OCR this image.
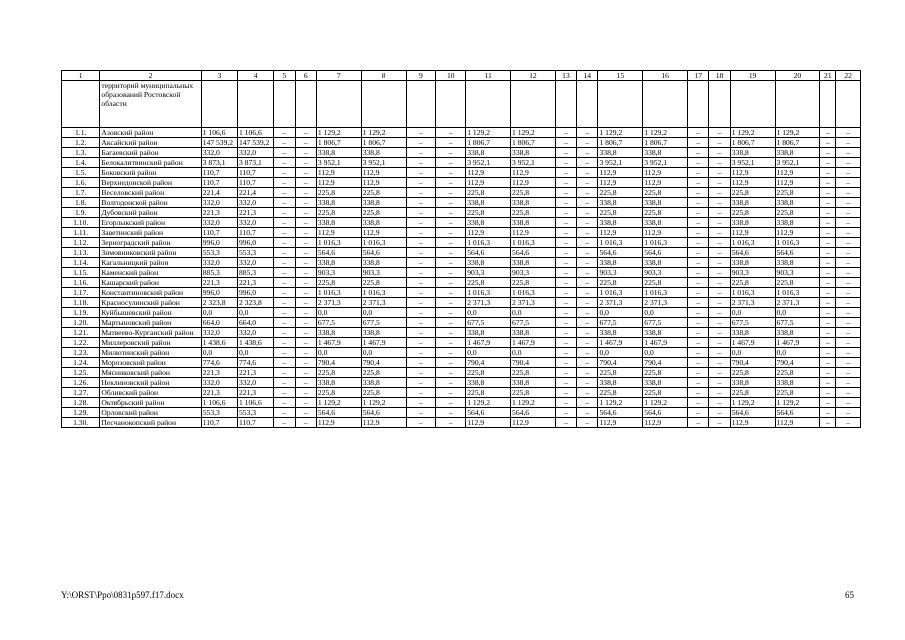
1	2	3	4	5	6	7	8	9	10	11	12	13	14	15	16	17	18	19	20	21	22
	территорий муниципальных образований Ростовской области																				
1.1.	Азовский район	1 106,6	1 106,6	–	–	1 129,2	1 129,2	–	–	1 129,2	1 129,2	–	–	1 129,2	1 129,2	–	–	1 129,2	1 129,2	–	–
1.2.	Аксайский район	147 539,2	147 539,2	–	–	1 806,7	1 806,7	–	–	1 806,7	1 806,7	–	–	1 806,7	1 806,7	–	–	1 806,7	1 806,7	–	–
1.3.	Багаевский район	332,0	332,0	–	–	338,8	338,8	–	–	338,8	338,8	–	–	338,8	338,8	–	–	338,8	338,8	–	–
1.4.	Белокалитвинский район	3 873,1	3 873,1	–	–	3 952,1	3 952,1	–	–	3 952,1	3 952,1	–	–	3 952,1	3 952,1	–	–	3 952,1	3 952,1	–	–
1.5.	Боковский район	110,7	110,7	–	–	112,9	112,9	–	–	112,9	112,9	–	–	112,9	112,9	–	–	112,9	112,9	–	–
1.6.	Верхнедонской район	110,7	110,7	–	–	112,9	112,9	–	–	112,9	112,9	–	–	112,9	112,9	–	–	112,9	112,9	–	–
1.7.	Веселовский район	221,4	221,4	–	–	225,8	225,8	–	–	225,8	225,8	–	–	225,8	225,8	–	–	225,8	225,8	–	–
1.8.	Волгодонской район	332,0	332,0	–	–	338,8	338,8	–	–	338,8	338,8	–	–	338,8	338,8	–	–	338,8	338,8	–	–
1.9.	Дубовский район	221,3	221,3	–	–	225,8	225,8	–	–	225,8	225,8	–	–	225,8	225,8	–	–	225,8	225,8	–	–
1.10.	Егорлыкский район	332,0	332,0	–	–	338,8	338,8	–	–	338,8	338,8	–	–	338,8	338,8	–	–	338,8	338,8	–	–
1.11.	Заветинский район	110,7	110,7	–	–	112,9	112,9	–	–	112,9	112,9	–	–	112,9	112,9	–	–	112,9	112,9	–	–
1.12.	Зерноградский район	996,0	996,0	–	–	1 016,3	1 016,3	–	–	1 016,3	1 016,3	–	–	1 016,3	1 016,3	–	–	1 016,3	1 016,3	–	–
1.13.	Зимовниковский район	553,3	553,3	–	–	564,6	564,6	–	–	564,6	564,6	–	–	564,6	564,6	–	–	564,6	564,6	–	–
1.14.	Кагальницкий район	332,0	332,0	–	–	338,8	338,8	–	–	338,8	338,8	–	–	338,8	338,8	–	–	338,8	338,8	–	–
1.15.	Каменский район	885,3	885,3	–	–	903,3	903,3	–	–	903,3	903,3	–	–	903,3	903,3	–	–	903,3	903,3	–	–
1.16.	Кашарский район	221,3	221,3	–	–	225,8	225,8	–	–	225,8	225,8	–	–	225,8	225,8	–	–	225,8	225,8	–	–
1.17.	Константиновский район	996,0	996,0	–	–	1 016,3	1 016,3	–	–	1 016,3	1 016,3	–	–	1 016,3	1 016,3	–	–	1 016,3	1 016,3	–	–
1.18.	Красносулинский район	2 323,8	2 323,8	–	–	2 371,3	2 371,3	–	–	2 371,3	2 371,3	–	–	2 371,3	2 371,3	–	–	2 371,3	2 371,3	–	–
1.19.	Куйбышевский район	0,0	0,0	–	–	0,0	0,0	–	–	0,0	0,0	–	–	0,0	0,0	–	–	0,0	0,0	–	–
1.20.	Мартыновский район	664,0	664,0	–	–	677,5	677,5	–	–	677,5	677,5	–	–	677,5	677,5	–	–	677,5	677,5	–	–
1.21.	Матвеево-Курганский район	332,0	332,0	–	–	338,8	338,8	–	–	338,8	338,8	–	–	338,8	338,8	–	–	338,8	338,8	–	–
1.22.	Миллеровский район	1 438,6	1 438,6	–	–	1 467,9	1 467,9	–	–	1 467,9	1 467,9	–	–	1 467,9	1 467,9	–	–	1 467,9	1 467,9	–	–
1.23.	Милютинский район	0,0	0,0	–	–	0,0	0,0	–	–	0,0	0,0	–	–	0,0	0,0	–	–	0,0	0,0	–	–
1.24.	Морозовский район	774,6	774,6	–	–	790,4	790,4	–	–	790,4	790,4	–	–	790,4	790,4	–	–	790,4	790,4	–	–
1.25.	Мясниковский район	221,3	221,3	–	–	225,8	225,8	–	–	225,8	225,8	–	–	225,8	225,8	–	–	225,8	225,8	–	–
1.26.	Неклиновский район	332,0	332,0	–	–	338,8	338,8	–	–	338,8	338,8	–	–	338,8	338,8	–	–	338,8	338,8	–	–
1.27.	Обливский район	221,3	221,3	–	–	225,8	225,8	–	–	225,8	225,8	–	–	225,8	225,8	–	–	225,8	225,8	–	–
1.28.	Октябрьский район	1 106,6	1 106,6	–	–	1 129,2	1 129,2	–	–	1 129,2	1 129,2	–	–	1 129,2	1 129,2	–	–	1 129,2	1 129,2	–	–
1.29.	Орловский район	553,3	553,3	–	–	564,6	564,6	–	–	564,6	564,6	–	–	564,6	564,6	–	–	564,6	564,6	–	–
1.30.	Песчанокопский район	110,7	110,7	–	–	112,9	112,9	–	–	112,9	112,9	–	–	112,9	112,9	–	–	112,9	112,9	–	–
Y:\ORST\Ppo\0831p597.f17.docx	65
